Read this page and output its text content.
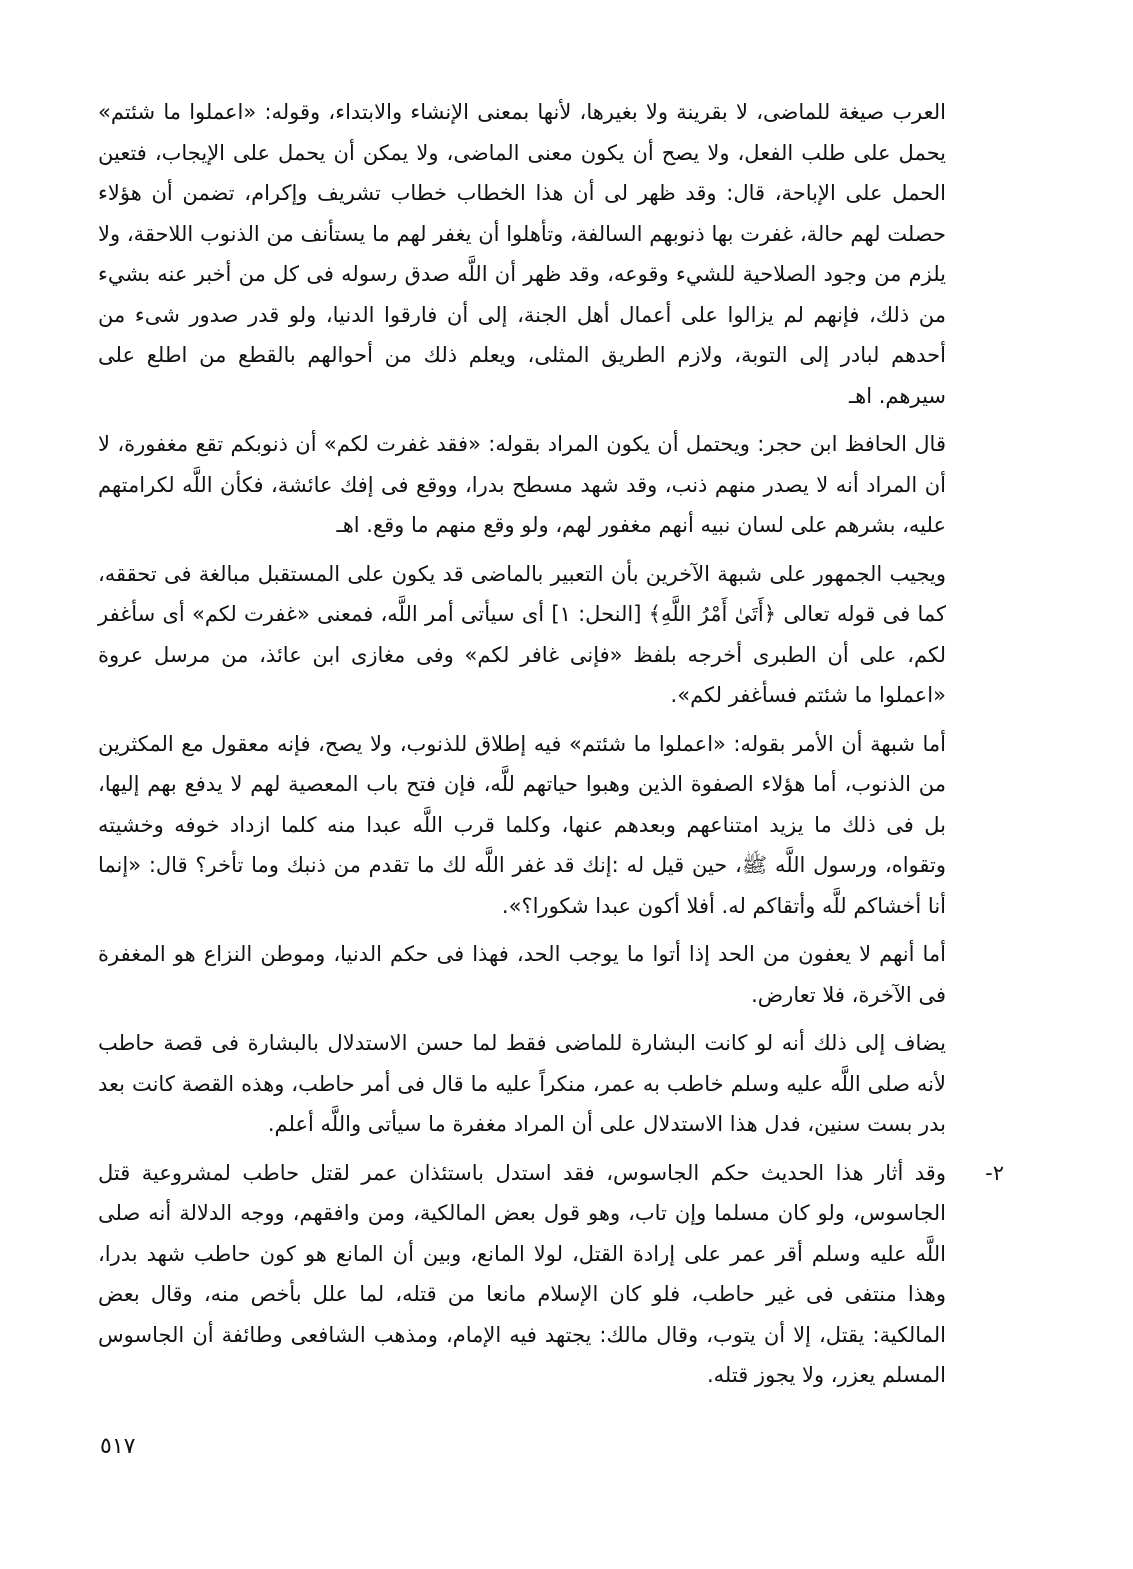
العرب صيغة للماضى، لا بقرينة ولا بغيرها، لأنها بمعنى الإنشاء والابتداء، وقوله: «اعملوا ما شئتم» يحمل على طلب الفعل، ولا يصح أن يكون معنى الماضى، ولا يمكن أن يحمل على الإيجاب، فتعين الحمل على الإباحة، قال: وقد ظهر لى أن هذا الخطاب خطاب تشريف وإكرام، تضمن أن هؤلاء حصلت لهم حالة، غفرت بها ذنوبهم السالفة، وتأهلوا أن يغفر لهم ما يستأنف من الذنوب اللاحقة، ولا يلزم من وجود الصلاحية للشيء وقوعه، وقد ظهر أن اللَّه صدق رسوله فى كل من أخبر عنه بشيء من ذلك، فإنهم لم يزالوا على أعمال أهل الجنة، إلى أن فارقوا الدنيا، ولو قدر صدور شىء من أحدهم لبادر إلى التوبة، ولازم الطريق المثلى، ويعلم ذلك من أحوالهم بالقطع من اطلع على سيرهم. اهـ

قال الحافظ ابن حجر: ويحتمل أن يكون المراد بقوله: «فقد غفرت لكم» أن ذنوبكم تقع مغفورة، لا أن المراد أنه لا يصدر منهم ذنب، وقد شهد مسطح بدرا، ووقع فى إفك عائشة، فكأن اللَّه لكرامتهم عليه، بشرهم على لسان نبيه أنهم مغفور لهم، ولو وقع منهم ما وقع. اهـ

ويجيب الجمهور على شبهة الآخرين بأن التعبير بالماضى قد يكون على المستقبل مبالغة فى تحققه، كما فى قوله تعالى ﴿أَتَىٰ أَمْرُ اللَّهِ﴾ [النحل: ١] أى سيأتى أمر اللَّه، فمعنى «غفرت لكم» أى سأغفر لكم، على أن الطبرى أخرجه بلفظ «فإنى غافر لكم» وفى مغازى ابن عائذ، من مرسل عروة «اعملوا ما شئتم فسأغفر لكم».

أما شبهة أن الأمر بقوله: «اعملوا ما شئتم» فيه إطلاق للذنوب، ولا يصح، فإنه معقول مع المكثرين من الذنوب، أما هؤلاء الصفوة الذين وهبوا حياتهم للَّه، فإن فتح باب المعصية لهم لا يدفع بهم إليها، بل فى ذلك ما يزيد امتناعهم وبعدهم عنها، وكلما قرب اللَّه عبدا منه كلما ازداد خوفه وخشيته وتقواه، ورسول اللَّه ﷺ، حين قيل له :إنك قد غفر اللَّه لك ما تقدم من ذنبك وما تأخر؟ قال: «إنما أنا أخشاكم للَّه وأتقاكم له. أفلا أكون عبدا شكورا؟».

أما أنهم لا يعفون من الحد إذا أتوا ما يوجب الحد، فهذا فى حكم الدنيا، وموطن النزاع هو المغفرة فى الآخرة، فلا تعارض.

يضاف إلى ذلك أنه لو كانت البشارة للماضى فقط لما حسن الاستدلال بالبشارة فى قصة حاطب لأنه صلى اللَّه عليه وسلم خاطب به عمر، منكراً عليه ما قال فى أمر حاطب، وهذه القصة كانت بعد بدر بست سنين، فدل هذا الاستدلال على أن المراد مغفرة ما سيأتى واللَّه أعلم.

٢-
وقد أثار هذا الحديث حكم الجاسوس، فقد استدل باستئذان عمر لقتل حاطب لمشروعية قتل الجاسوس، ولو كان مسلما وإن تاب، وهو قول بعض المالكية، ومن وافقهم، ووجه الدلالة أنه صلى اللَّه عليه وسلم أقر عمر على إرادة القتل، لولا المانع، وبين أن المانع هو كون حاطب شهد بدرا، وهذا منتفى فى غير حاطب، فلو كان الإسلام مانعا من قتله، لما علل بأخص منه، وقال بعض المالكية: يقتل، إلا أن يتوب، وقال مالك: يجتهد فيه الإمام، ومذهب الشافعى وطائفة أن الجاسوس المسلم يعزر، ولا يجوز قتله.
٥١٧
